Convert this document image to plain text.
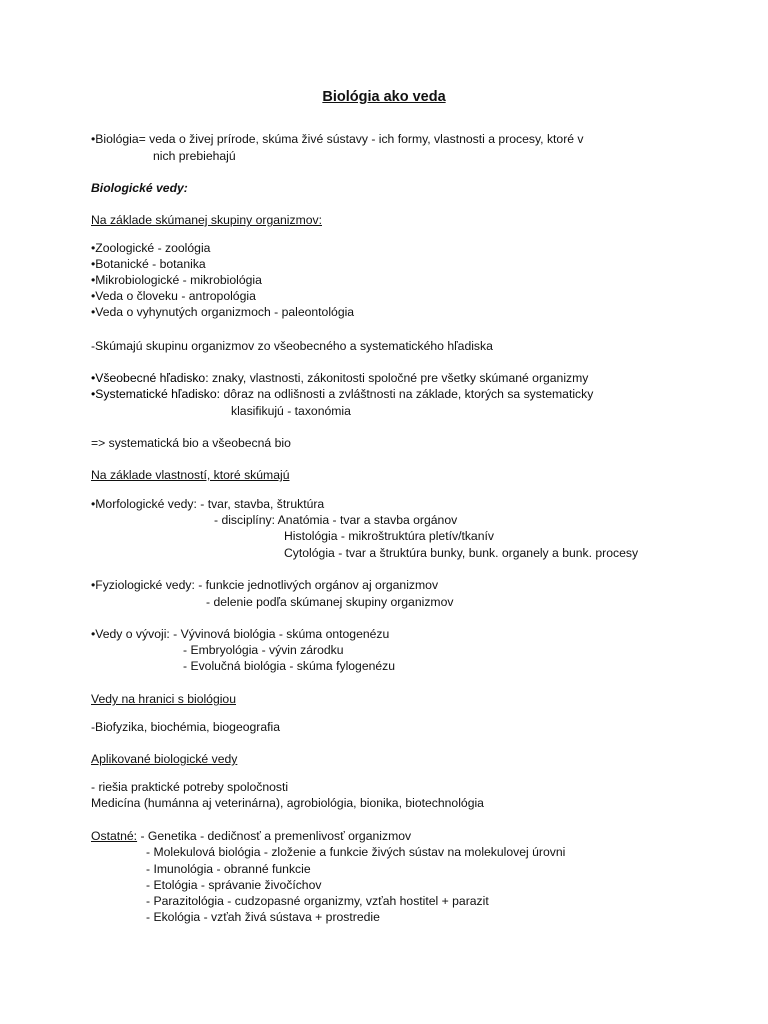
Biológia ako veda
•Biológia= veda o živej prírode, skúma živé sústavy - ich formy, vlastnosti a procesy, ktoré v
nich prebiehajú
Biologické vedy:
Na základe skúmanej skupiny organizmov:
•Zoologické - zoológia
•Botanické - botanika
•Mikrobiologické - mikrobiológia
•Veda o človeku - antropológia
•Veda o vyhynutých organizmoch - paleontológia
-Skúmajú skupinu organizmov zo všeobecného a systematického hľadiska
•Všeobecné hľadisko: znaky, vlastnosti, zákonitosti spoločné pre všetky skúmané organizmy
•Systematické hľadisko: dôraz na odlišnosti a zvláštnosti na základe, ktorých sa systematicky
klasifikujú - taxonómia
=> systematická bio a všeobecná bio
Na základe vlastností, ktoré skúmajú
•Morfologické vedy: - tvar, stavba, štruktúra
- disciplíny: Anatómia - tvar a stavba orgánov
Histológia - mikroštruktúra pletív/tkanív
Cytológia - tvar a štruktúra bunky, bunk. organely a bunk. procesy
•Fyziologické vedy: - funkcie jednotlivých orgánov aj organizmov
- delenie podľa skúmanej skupiny organizmov
•Vedy o vývoji: - Vývinová biológia - skúma ontogenézu
- Embryológia - vývin zárodku
- Evolučná biológia - skúma fylogenézu
Vedy na hranici s biológiou
-Biofyzika, biochémia, biogeografia
Aplikované biologické vedy
- riešia praktické potreby spoločnosti
Medicína (humánna aj veterinárna), agrobiológia, bionika, biotechnológia
Ostatné: - Genetika - dedičnosť a premenlivosť organizmov
- Molekulová biológia - zloženie a funkcie živých sústav na molekulovej úrovni
- Imunológia - obranné funkcie
- Etológia - správanie živočíchov
- Parazitológia - cudzopasné organizmy, vzťah hostitel + parazit
- Ekológia - vzťah živá sústava + prostredie
